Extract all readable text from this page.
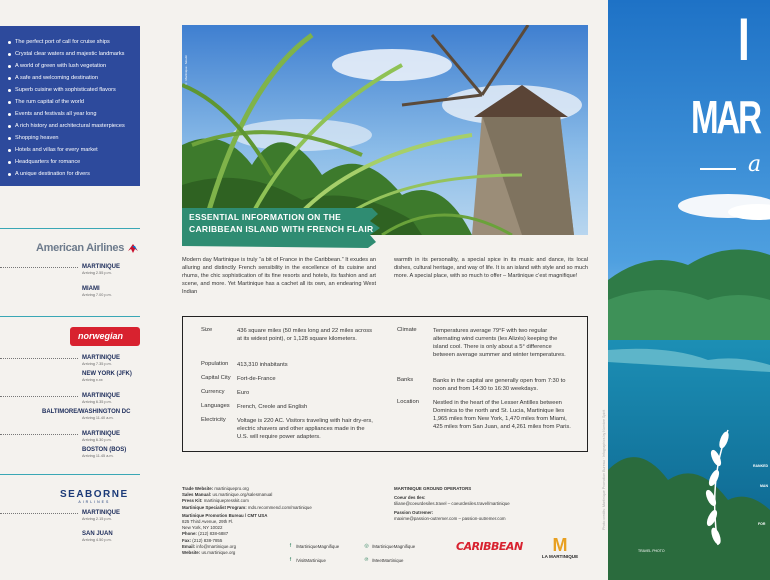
The perfect port of call for cruise ships
Crystal clear waters and majestic landmarks
A world of green with lush vegetation
A safe and welcoming destination
Superb cuisine with sophisticated flavors
The rum capital of the world
Events and festivals all year long
A rich history and architectural masterpieces
Shopping heaven
Hotels and villas for every market
Headquarters for romance
A unique destination for divers
American Airlines
MARTINIQUE
Arriving 2.55 p.m.
MIAMI
Arriving 7.00 p.m.
norwegian
MARTINIQUE
Arriving 7.35 p.m.
NEW YORK (JFK)
Arriving x.xx
MARTINIQUE
Arriving 6.35 p.m.
BALTIMORE/WASHINGTON DC
Arriving 11.40 a.m.
MARTINIQUE
Arriving 6.30 p.m.
BOSTON (BOS)
Arriving 11.45 a.m.
SEABORNE
AIRLINES
MARTINIQUE
Arriving 2.15 p.m.
SAN JUAN
Arriving 4.50 p.m.
© Martinique · Moulin
ESSENTIAL INFORMATION ON THE
CARIBBEAN ISLAND WITH FRENCH FLAIR

Modern day Martinique is truly “a bit of France in the Caribbean.” It exudes an alluring and distinctly French sensibility in the excellence of its cuisine and rhums, the chic sophistication of its fine resorts and hotels, its fashion and art scene, and more. Yet Martinique has a cachet all its own, an endearing West Indian

warmth in its personality, a special spice in its music and dance, its local dishes, cultural heritage, and way of life. It is an island with style and so much more. A special place, with so much to offer – Martinique c’est magnifique!

Size	436 square miles (50 miles long and 22 miles across at its widest point), or 1,128 square kilometers.
Population	413,310 inhabitants
Capital City	Fort-de-France
Currency	Euro
Languages	French, Creole and English
Electricity	Voltage is 220 AC. Visitors traveling with hair dry-ers, electric shavers and other appliances made in the U.S. will require power adapters.
Climate	Temperatures average 79°F with two regular alternating wind currents (les Alizés) keeping the island cool. There is only about a 5° difference between average summer and winter temperatures.
Banks	Banks in the capital are generally open from 7:30 to noon and from 14:30 to 16:30 weekdays.
Location	Nestled in the heart of the Lesser Antilles between Dominica to the north and St. Lucia, Martinique lies 1,965 miles from New York, 1,470 miles from Miami, 425 miles from San Juan, and 4,261 miles from Paris.
Trade Website: martiniquepro.org
Sales Manual: us.martinique.org/salesmanual
Press Kit: martiniquepresskit.com
Martinique Specialist Program: mds.recommend.com/martinique
Martinique Promotion Bureau / CMT USA
825 Third Avenue, 29th Fl.
New York, NY 10022
Phone: (212) 838-6887
Fax: (212) 838-7855
Email: info@martinique.org
Website: us.martinique.org
MARTINIQUE GROUND OPERATORS
Coeur des Iles:
tiliane@coeurdesiles.travel – coeurdesiles.travel/martinique
Passion Outremer:
maxime@passion-outremer.com – passion-outremer.com
f	/MartiniqueMagnifique	◎ /MartiniqueMagnifique
f	/VisitMartinique	℗ /MeetMartinique
CARIBBEAN	M
LA MARTINIQUE
Photo credits: Martinique Promotion Bureau · Infographics by Nombre Spirit
I
MAR
a
RANKED
MAN
FOR
TRAVEL PHOTO
